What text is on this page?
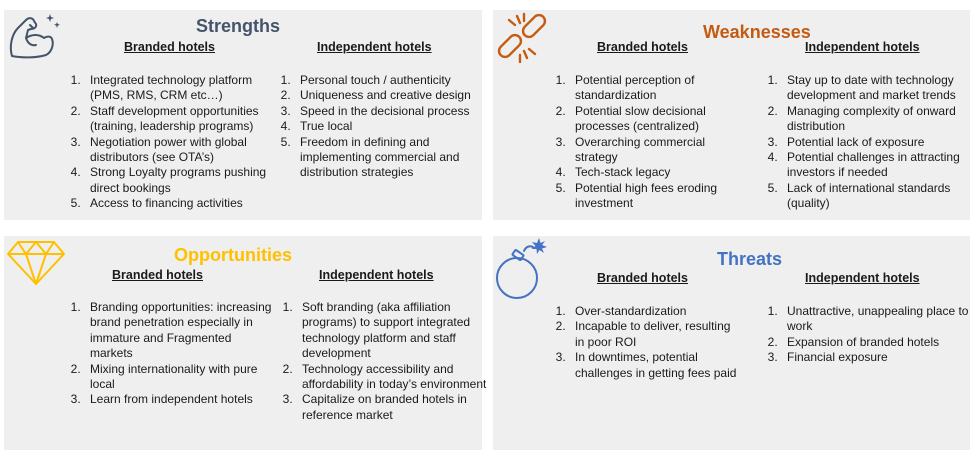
Strengths
Branded hotels	Independent hotels
1. Integrated technology platform (PMS, RMS, CRM etc…)
2. Staff development opportunities (training, leadership programs)
3. Negotiation power with global distributors (see OTA’s)
4. Strong Loyalty programs pushing direct bookings
5. Access to financing activities
1. Personal touch / authenticity
2. Uniqueness and creative design
3. Speed in the decisional process
4. True local
5. Freedom in defining and implementing commercial and distribution strategies
Weaknesses
Branded hotels	Independent hotels
1. Potential perception of standardization
2. Potential slow decisional processes (centralized)
3. Overarching commercial strategy
4. Tech-stack legacy
5. Potential high fees eroding investment
1. Stay up to date with technology development and market trends
2. Managing complexity of onward distribution
3. Potential lack of exposure
4. Potential challenges in attracting investors if needed
5. Lack of international standards (quality)
Opportunities
Branded hotels	Independent hotels
1. Branding opportunities: increasing brand penetration especially in immature and Fragmented markets
2. Mixing internationality with pure local
3. Learn from independent hotels
1. Soft branding (aka affiliation programs) to support integrated technology platform and staff development
2. Technology accessibility and affordability in today’s environment
3. Capitalize on branded hotels in reference market
Threats
Branded hotels	Independent hotels
1. Over-standardization
2. Incapable to deliver, resulting in poor ROI
3. In downtimes, potential challenges in getting fees paid
1. Unattractive, unappealing place to work
2. Expansion of branded hotels
3. Financial exposure
